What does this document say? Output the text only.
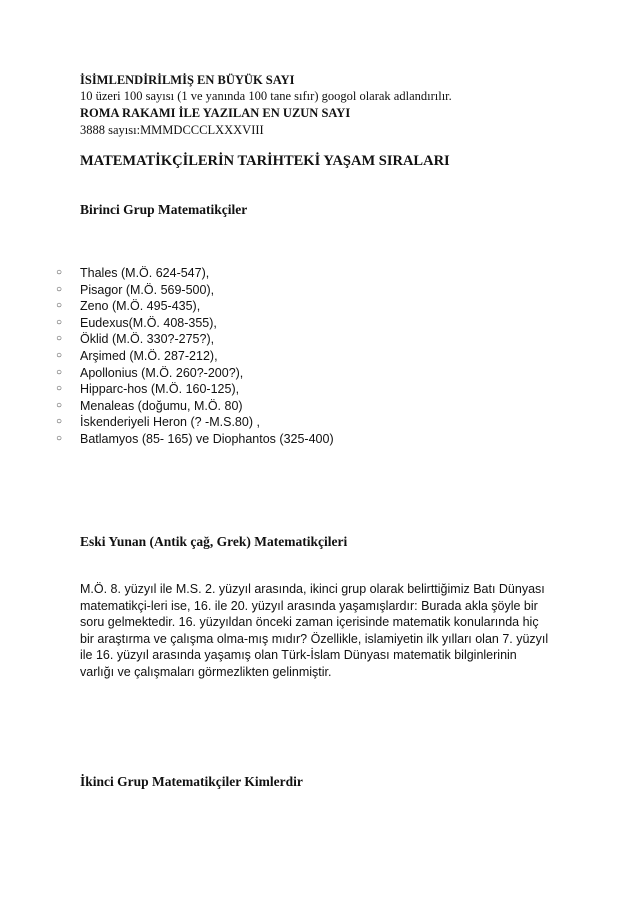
İSİMLENDİRİLMİŞ EN BÜYÜK SAYI
10 üzeri 100 sayısı (1 ve yanında 100 tane sıfır) googol olarak adlandırılır.
ROMA RAKAMI İLE YAZILAN EN UZUN SAYI
3888 sayısı:MMMDCCCLXXXVIII
MATEMATİKÇİLERİN TARİHTEKİ YAŞAM SIRALARI
Birinci Grup Matematikçiler
○ Thales (M.Ö. 624-547),
○ Pisagor (M.Ö. 569-500),
○ Zeno (M.Ö. 495-435),
○ Eudexus(M.Ö. 408-355),
○ Öklid (M.Ö. 330?-275?),
○ Arşimed (M.Ö. 287-212),
○ Apollonius (M.Ö. 260?-200?),
○ Hipparc-hos (M.Ö. 160-125),
○ Menaleas (doğumu, M.Ö. 80)
○ İskenderiyeli Heron (? -M.S.80) ,
○ Batlamyos (85- 165) ve Diophantos (325-400)
Eski Yunan (Antik çağ, Grek) Matematikçileri

M.Ö. 8. yüzyıl ile M.S. 2. yüzyıl arasında, ikinci grup olarak belirttiğimiz Batı Dünyası
matematikçi-leri ise, 16. ile 20. yüzyıl arasında yaşamışlardır: Burada akla şöyle bir
soru gelmektedir. 16. yüzyıldan önceki zaman içerisinde matematik konularında hiç
bir araştırma ve çalışma olma-mış mıdır? Özellikle, islamiyetin ilk yılları olan 7. yüzyıl
ile 16. yüzyıl arasında yaşamış olan Türk-İslam Dünyası matematik bilginlerinin
varlığı ve çalışmaları görmezlikten gelinmiştir.

İkinci Grup Matematikçiler Kimlerdir
